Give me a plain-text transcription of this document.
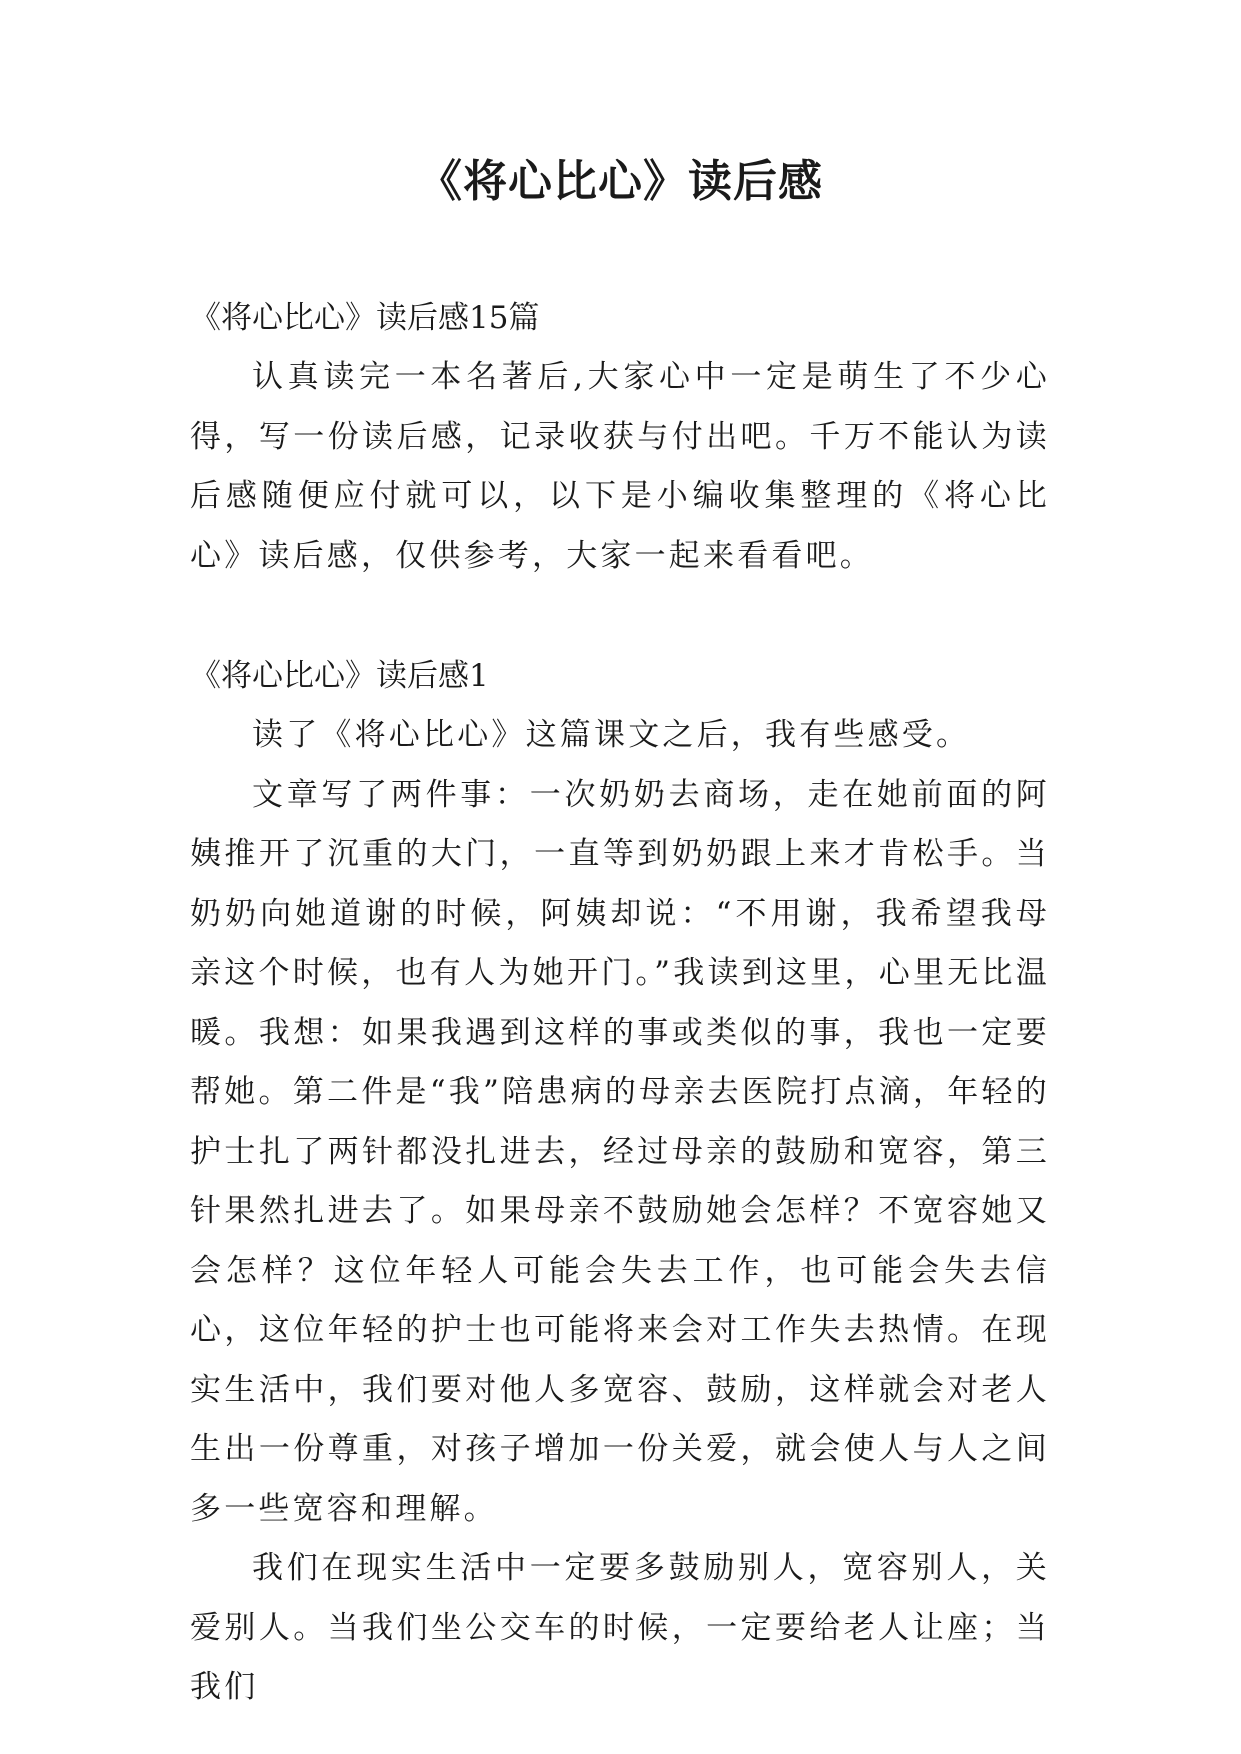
《将心比心》读后感

《将心比心》读后感15篇

认真读完一本名著后,大家心中一定是萌生了不少心得，写一份读后感，记录收获与付出吧。千万不能认为读后感随便应付就可以，以下是小编收集整理的《将心比心》读后感，仅供参考，大家一起来看看吧。

《将心比心》读后感1

读了《将心比心》这篇课文之后，我有些感受。

文章写了两件事：一次奶奶去商场，走在她前面的阿姨推开了沉重的大门，一直等到奶奶跟上来才肯松手。当奶奶向她道谢的时候，阿姨却说：“不用谢，我希望我母亲这个时候，也有人为她开门。”我读到这里，心里无比温暖。我想：如果我遇到这样的事或类似的事，我也一定要帮她。第二件是“我”陪患病的母亲去医院打点滴，年轻的护士扎了两针都没扎进去，经过母亲的鼓励和宽容，第三针果然扎进去了。如果母亲不鼓励她会怎样？不宽容她又会怎样？这位年轻人可能会失去工作，也可能会失去信心，这位年轻的护士也可能将来会对工作失去热情。在现实生活中，我们要对他人多宽容、鼓励，这样就会对老人生出一份尊重，对孩子增加一份关爱，就会使人与人之间多一些宽容和理解。

我们在现实生活中一定要多鼓励别人，宽容别人，关爱别人。当我们坐公交车的时候，一定要给老人让座；当我们
